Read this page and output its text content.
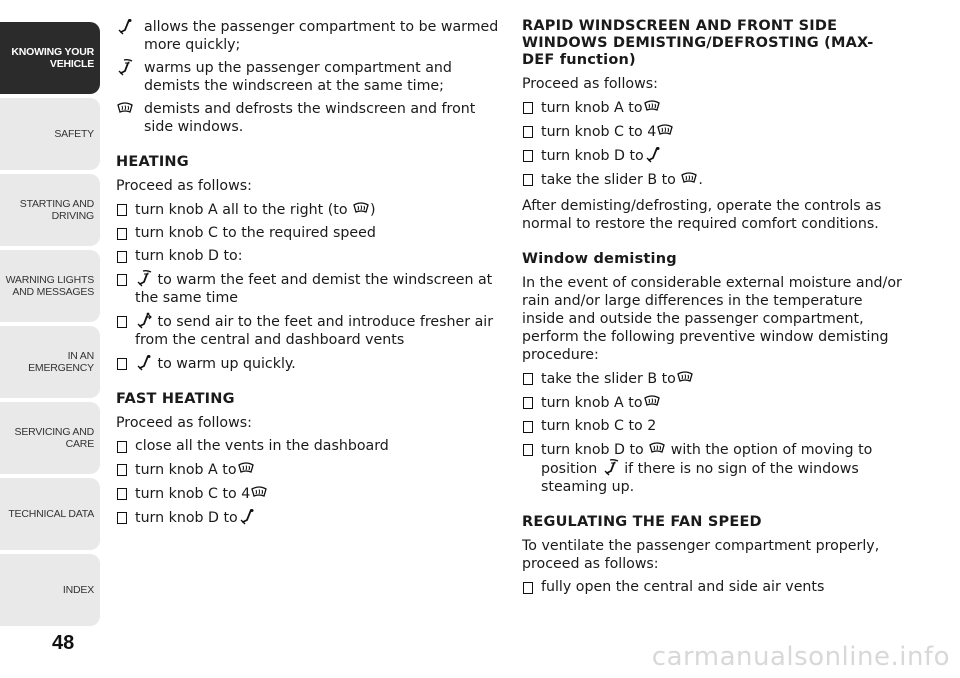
KNOWING YOUR VEHICLE
SAFETY
STARTING AND DRIVING
WARNING LIGHTS AND MESSAGES
IN AN EMERGENCY
SERVICING AND CARE
TECHNICAL DATA
INDEX
48
allows the passenger compartment to be warmed more quickly;
warms up the passenger compartment and demists the windscreen at the same time;
demists and defrosts the windscreen and front side windows.
HEATING
Proceed as follows:
turn knob A all to the right (to )
turn knob C to the required speed
turn knob D to:
to warm the feet and demist the windscreen at the same time
to send air to the feet and introduce fresher air from the central and dashboard vents
to warm up quickly.
FAST HEATING
Proceed as follows:
close all the vents in the dashboard
turn knob A to
turn knob C to 4
turn knob D to
RAPID WINDSCREEN AND FRONT SIDE WINDOWS DEMISTING/DEFROSTING (MAX-DEF function)
Proceed as follows:
turn knob A to
turn knob C to 4
turn knob D to
take the slider B to .
After demisting/defrosting, operate the controls as normal to restore the required comfort conditions.
Window demisting
In the event of considerable external moisture and/or rain and/or large differences in the temperature inside and outside the passenger compartment, perform the following preventive window demisting procedure:
take the slider B to
turn knob A to
turn knob C to 2
turn knob D to with the option of moving to position if there is no sign of the windows steaming up.
REGULATING THE FAN SPEED
To ventilate the passenger compartment properly, proceed as follows:
fully open the central and side air vents
carmanualsonline.info
